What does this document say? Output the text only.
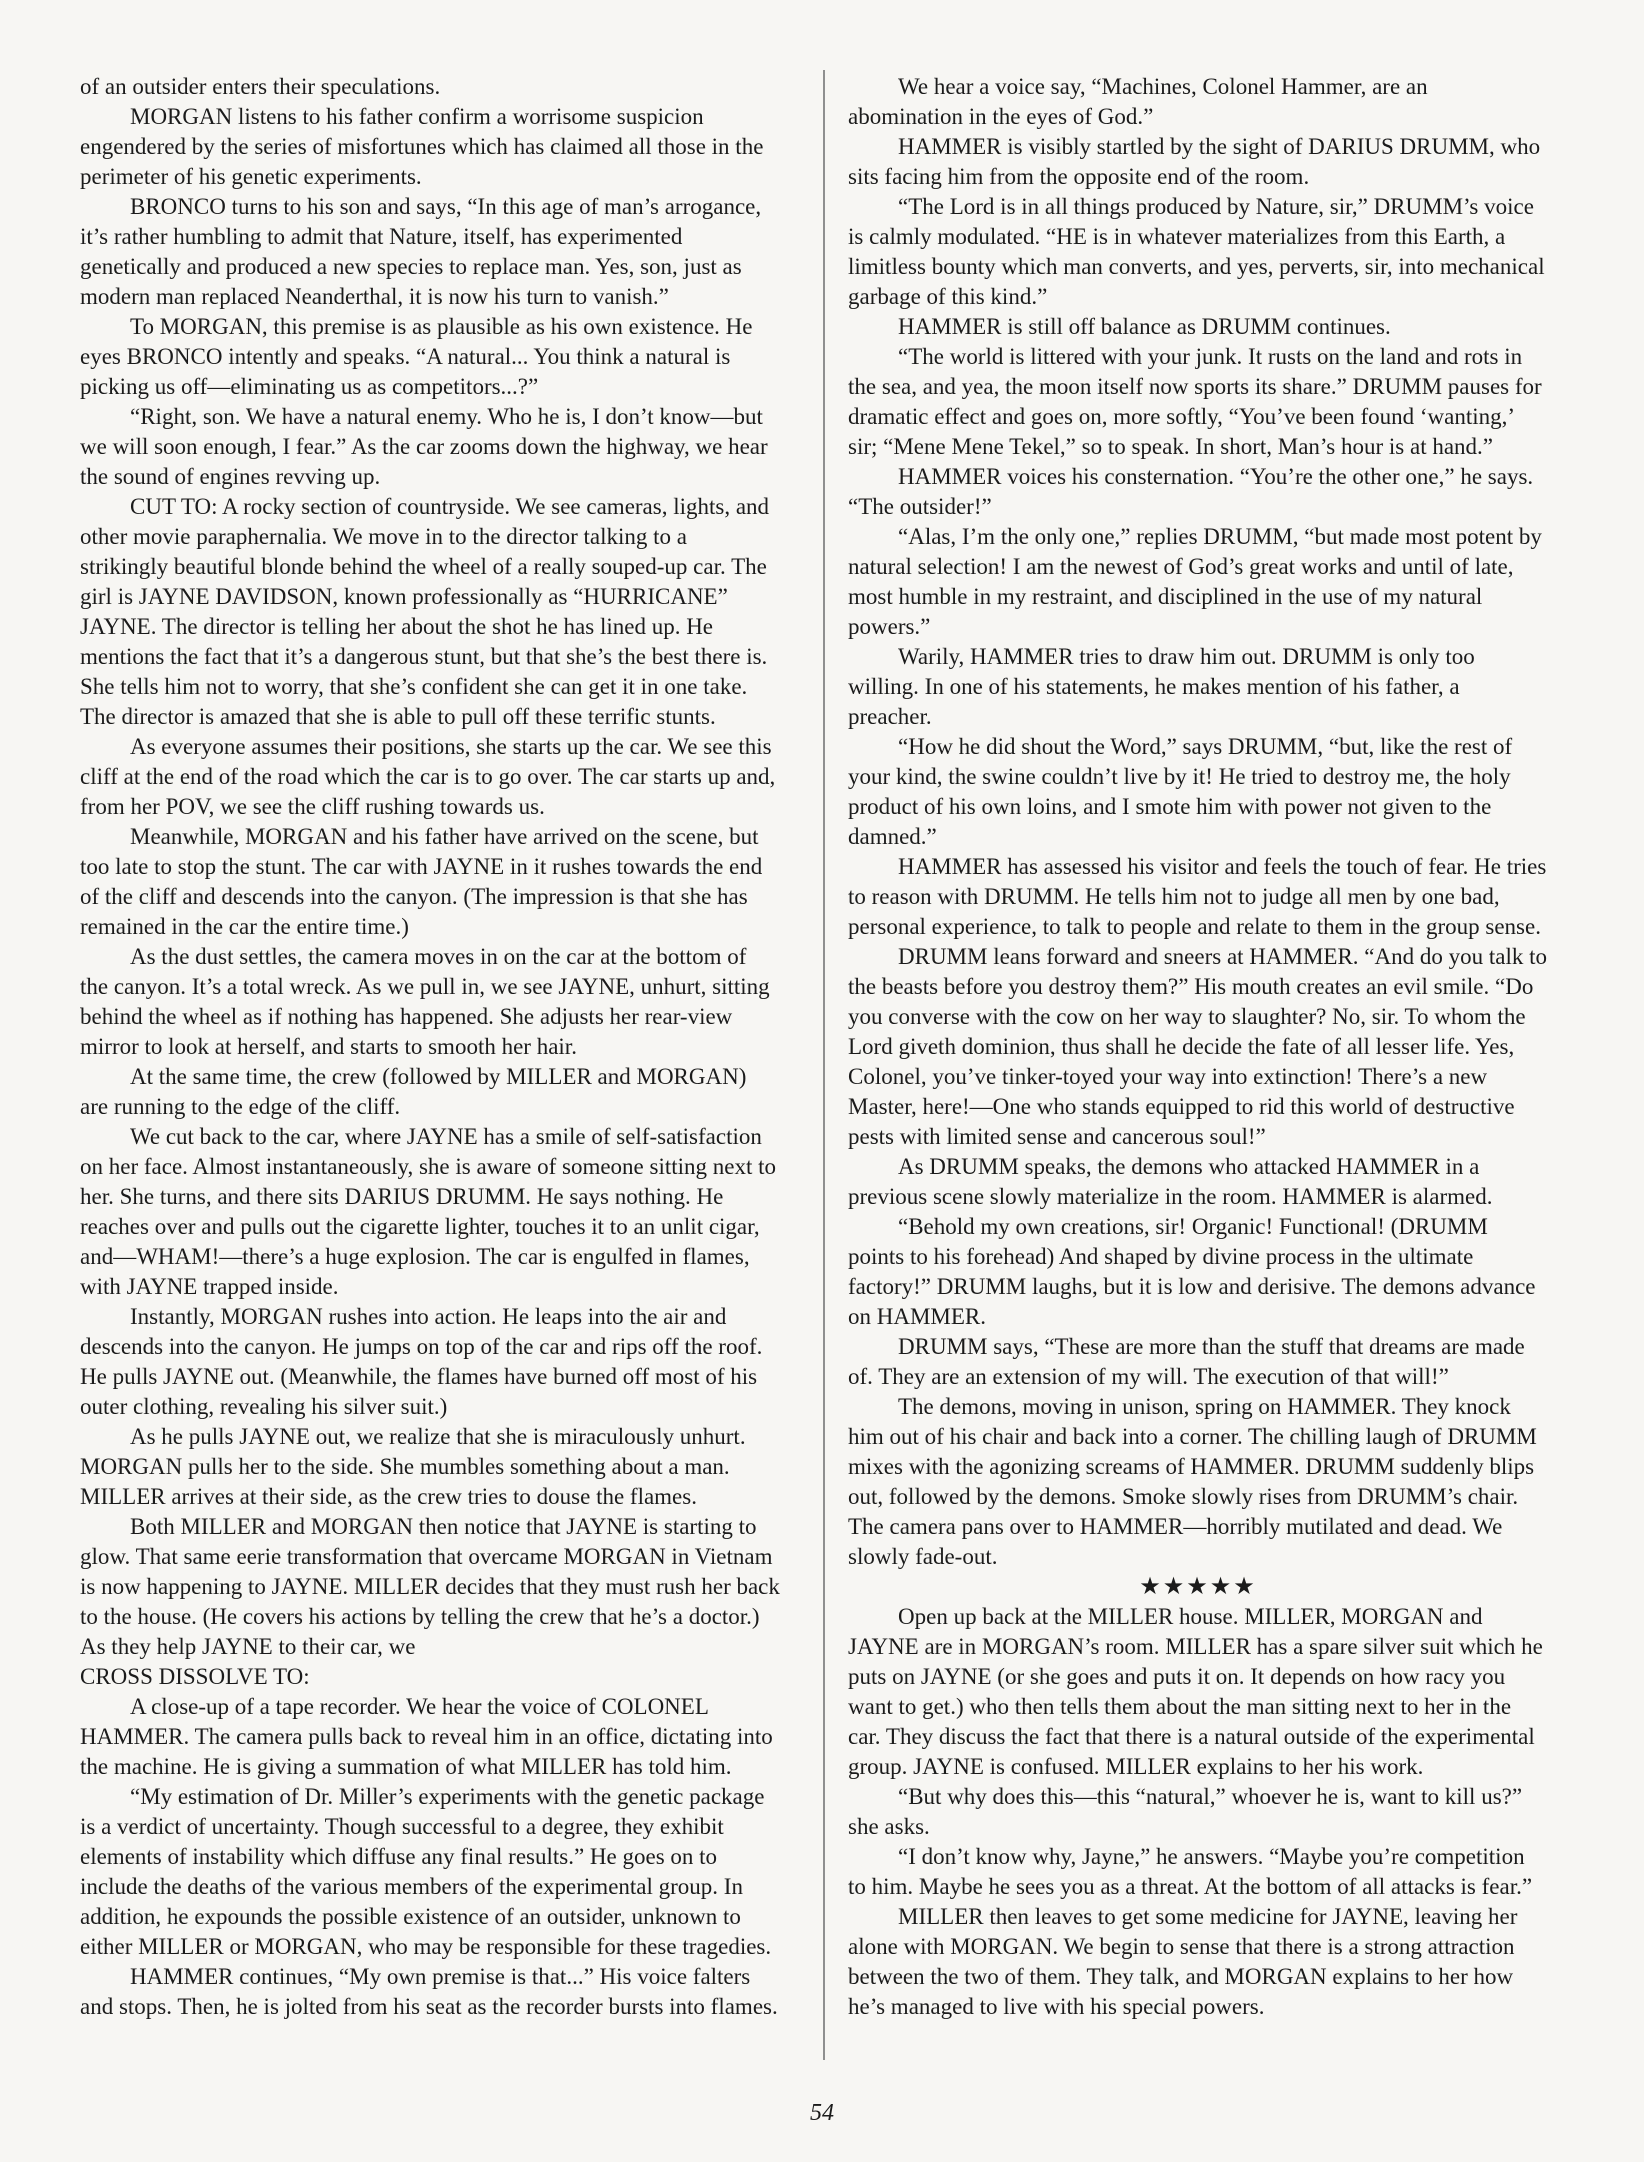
of an outsider enters their speculations.

MORGAN listens to his father confirm a worrisome suspicion engendered by the series of misfortunes which has claimed all those in the perimeter of his genetic experiments.

BRONCO turns to his son and says, “In this age of man’s arrogance, it’s rather humbling to admit that Nature, itself, has experimented genetically and produced a new species to replace man. Yes, son, just as modern man replaced Neanderthal, it is now his turn to vanish.”

To MORGAN, this premise is as plausible as his own existence. He eyes BRONCO intently and speaks. “A natural... You think a natural is picking us off—eliminating us as competitors...?”

“Right, son. We have a natural enemy. Who he is, I don’t know—but we will soon enough, I fear.” As the car zooms down the highway, we hear the sound of engines revving up.

CUT TO: A rocky section of countryside. We see cameras, lights, and other movie paraphernalia. We move in to the director talking to a strikingly beautiful blonde behind the wheel of a really souped-up car. The girl is JAYNE DAVIDSON, known professionally as “HURRICANE” JAYNE. The director is telling her about the shot he has lined up. He mentions the fact that it’s a dangerous stunt, but that she’s the best there is. She tells him not to worry, that she’s confident she can get it in one take. The director is amazed that she is able to pull off these terrific stunts.

As everyone assumes their positions, she starts up the car. We see this cliff at the end of the road which the car is to go over. The car starts up and, from her POV, we see the cliff rushing towards us.

Meanwhile, MORGAN and his father have arrived on the scene, but too late to stop the stunt. The car with JAYNE in it rushes towards the end of the cliff and descends into the canyon. (The impression is that she has remained in the car the entire time.)

As the dust settles, the camera moves in on the car at the bottom of the canyon. It’s a total wreck. As we pull in, we see JAYNE, unhurt, sitting behind the wheel as if nothing has happened. She adjusts her rear-view mirror to look at herself, and starts to smooth her hair.

At the same time, the crew (followed by MILLER and MORGAN) are running to the edge of the cliff.

We cut back to the car, where JAYNE has a smile of self-satisfaction on her face. Almost instantaneously, she is aware of someone sitting next to her. She turns, and there sits DARIUS DRUMM. He says nothing. He reaches over and pulls out the cigarette lighter, touches it to an unlit cigar, and—WHAM!—there’s a huge explosion. The car is engulfed in flames, with JAYNE trapped inside.

Instantly, MORGAN rushes into action. He leaps into the air and descends into the canyon. He jumps on top of the car and rips off the roof. He pulls JAYNE out. (Meanwhile, the flames have burned off most of his outer clothing, revealing his silver suit.)

As he pulls JAYNE out, we realize that she is miraculously unhurt. MORGAN pulls her to the side. She mumbles something about a man. MILLER arrives at their side, as the crew tries to douse the flames.

Both MILLER and MORGAN then notice that JAYNE is starting to glow. That same eerie transformation that overcame MORGAN in Vietnam is now happening to JAYNE. MILLER decides that they must rush her back to the house. (He covers his actions by telling the crew that he’s a doctor.) As they help JAYNE to their car, we

CROSS DISSOLVE TO:

A close-up of a tape recorder. We hear the voice of COLONEL HAMMER. The camera pulls back to reveal him in an office, dictating into the machine. He is giving a summation of what MILLER has told him.

“My estimation of Dr. Miller’s experiments with the genetic package is a verdict of uncertainty. Though successful to a degree, they exhibit elements of instability which diffuse any final results.” He goes on to include the deaths of the various members of the experimental group. In addition, he expounds the possible existence of an outsider, unknown to either MILLER or MORGAN, who may be responsible for these tragedies.

HAMMER continues, “My own premise is that...” His voice falters and stops. Then, he is jolted from his seat as the recorder bursts into flames.

We hear a voice say, “Machines, Colonel Hammer, are an abomination in the eyes of God.”

HAMMER is visibly startled by the sight of DARIUS DRUMM, who sits facing him from the opposite end of the room.

“The Lord is in all things produced by Nature, sir,” DRUMM’s voice is calmly modulated. “HE is in whatever materializes from this Earth, a limitless bounty which man converts, and yes, perverts, sir, into mechanical garbage of this kind.”

HAMMER is still off balance as DRUMM continues.

“The world is littered with your junk. It rusts on the land and rots in the sea, and yea, the moon itself now sports its share.” DRUMM pauses for dramatic effect and goes on, more softly, “You’ve been found ‘wanting,’ sir; “Mene Mene Tekel,” so to speak. In short, Man’s hour is at hand.”

HAMMER voices his consternation. “You’re the other one,” he says. “The outsider!”

“Alas, I’m the only one,” replies DRUMM, “but made most potent by natural selection! I am the newest of God’s great works and until of late, most humble in my restraint, and disciplined in the use of my natural powers.”

Warily, HAMMER tries to draw him out. DRUMM is only too willing. In one of his statements, he makes mention of his father, a preacher.

“How he did shout the Word,” says DRUMM, “but, like the rest of your kind, the swine couldn’t live by it! He tried to destroy me, the holy product of his own loins, and I smote him with power not given to the damned.”

HAMMER has assessed his visitor and feels the touch of fear. He tries to reason with DRUMM. He tells him not to judge all men by one bad, personal experience, to talk to people and relate to them in the group sense.

DRUMM leans forward and sneers at HAMMER. “And do you talk to the beasts before you destroy them?” His mouth creates an evil smile. “Do you converse with the cow on her way to slaughter? No, sir. To whom the Lord giveth dominion, thus shall he decide the fate of all lesser life. Yes, Colonel, you’ve tinker-toyed your way into extinction! There’s a new Master, here!—One who stands equipped to rid this world of destructive pests with limited sense and cancerous soul!”

As DRUMM speaks, the demons who attacked HAMMER in a previous scene slowly materialize in the room. HAMMER is alarmed.

“Behold my own creations, sir! Organic! Functional! (DRUMM points to his forehead) And shaped by divine process in the ultimate factory!” DRUMM laughs, but it is low and derisive. The demons advance on HAMMER.

DRUMM says, “These are more than the stuff that dreams are made of. They are an extension of my will. The execution of that will!”

The demons, moving in unison, spring on HAMMER. They knock him out of his chair and back into a corner. The chilling laugh of DRUMM mixes with the agonizing screams of HAMMER. DRUMM suddenly blips out, followed by the demons. Smoke slowly rises from DRUMM’s chair. The camera pans over to HAMMER—horribly mutilated and dead. We slowly fade-out.

★★★★★

Open up back at the MILLER house. MILLER, MORGAN and JAYNE are in MORGAN’s room. MILLER has a spare silver suit which he puts on JAYNE (or she goes and puts it on. It depends on how racy you want to get.) who then tells them about the man sitting next to her in the car. They discuss the fact that there is a natural outside of the experimental group. JAYNE is confused. MILLER explains to her his work.

“But why does this—this “natural,” whoever he is, want to kill us?” she asks.

“I don’t know why, Jayne,” he answers. “Maybe you’re competition to him. Maybe he sees you as a threat. At the bottom of all attacks is fear.”

MILLER then leaves to get some medicine for JAYNE, leaving her alone with MORGAN. We begin to sense that there is a strong attraction between the two of them. They talk, and MORGAN explains to her how he’s managed to live with his special powers.

54
